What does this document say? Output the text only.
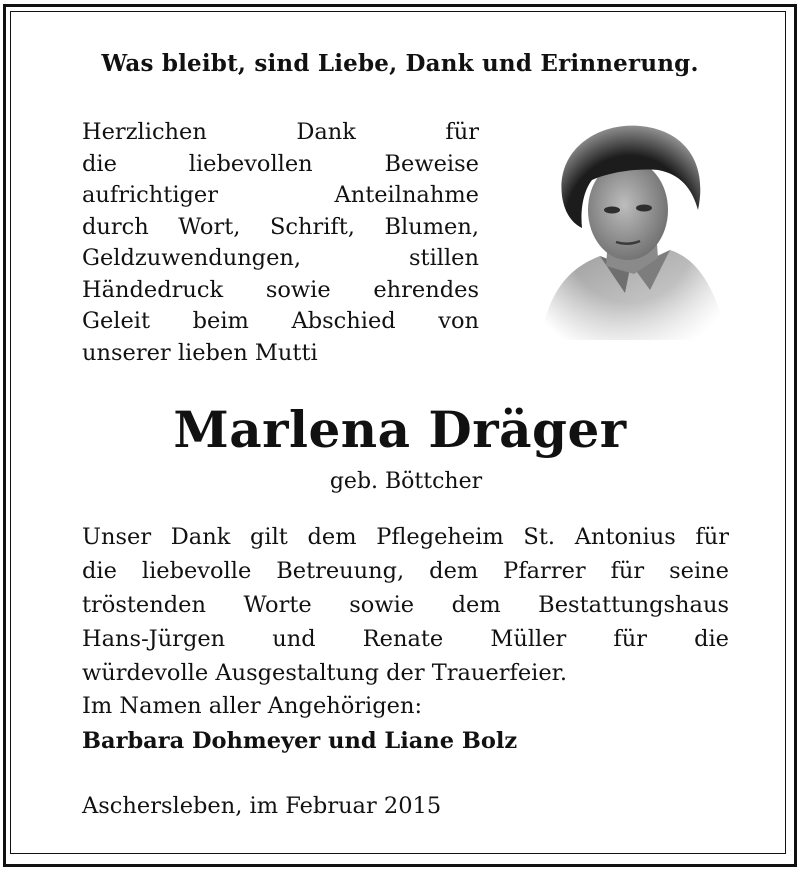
Was bleibt, sind Liebe, Dank und Erinnerung.
Herzlichen Dank für
die liebevollen Beweise
aufrichtiger Anteilnahme
durch Wort, Schrift, Blumen,
Geldzuwendungen, stillen
Händedruck sowie ehrendes
Geleit beim Abschied von
unserer lieben Mutti
Marlena Dräger
geb. Böttcher
Unser Dank gilt dem Pflegeheim St. Antonius für
die liebevolle Betreuung, dem Pfarrer für seine
tröstenden Worte sowie dem Bestattungshaus
Hans-Jürgen und Renate Müller für die
würdevolle Ausgestaltung der Trauerfeier.
Im Namen aller Angehörigen:
Barbara Dohmeyer und Liane Bolz
Aschersleben, im Februar 2015
